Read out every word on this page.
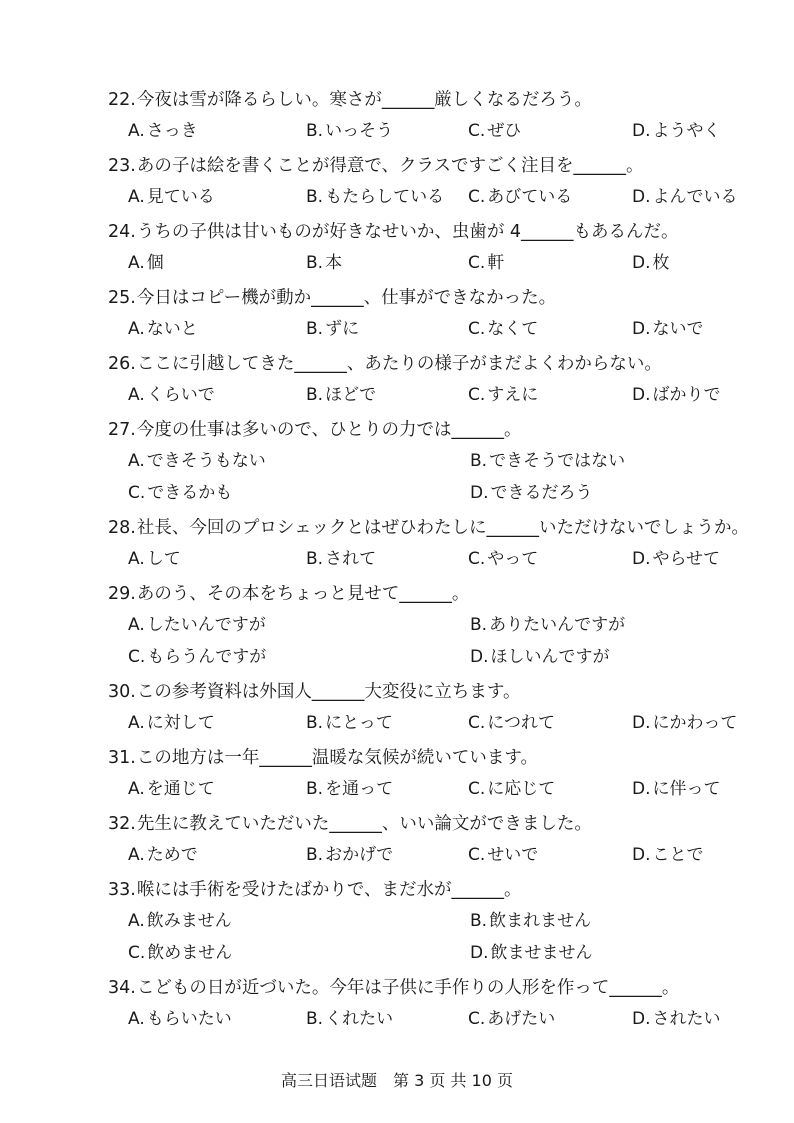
22.今夜は雪が降るらしい。寒さが______厳しくなるだろう。
A. さっき	B. いっそう	C. ぜひ	D. ようやく
23.あの子は絵を書くことが得意で、クラスですごく注目を______。
A. 見ている	B. もたらしている C. あびている	D. よんでいる
24.うちの子供は甘いものが好きなせいか、虫歯が 4______もあるんだ。
A. 個	B. 本	C. 軒	D. 枚
25.今日はコピー機が動か______、仕事ができなかった。
A. ないと	B. ずに	C. なくて	D. ないで
26.ここに引越してきた______、あたりの様子がまだよくわからない。
A. くらいで	B. ほどで	C. すえに	D. ばかりで
27.今度の仕事は多いので、ひとりの力では______。
A. できそうもない	B. できそうではない
C. できるかも	D. できるだろう
28.社長、今回のプロシェックとはぜひわたしに______いただけないでしょうか。
A. して	B. されて	C. やって	D. やらせて
29.あのう、その本をちょっと見せて______。
A. したいんですが	B. ありたいんですが
C. もらうんですが	D. ほしいんですが
30.この参考資料は外国人______大変役に立ちます。
A. に対して	B. にとって	C. につれて	D. にかわって
31.この地方は一年______温暖な気候が続いています。
A. を通じて	B. を通って	C. に応じて	D. に伴って
32.先生に教えていただいた______、いい論文ができました。
A. ためで	B. おかげで	C. せいで	D. ことで
33.喉には手術を受けたばかりで、まだ水が______。
A. 飲みません	B. 飲まれません
C. 飲めません	D. 飲ませません
34.こどもの日が近づいた。今年は子供に手作りの人形を作って______。
A. もらいたい	B. くれたい	C. あげたい	D. されたい
高三日语试题　第 3 页 共 10 页
